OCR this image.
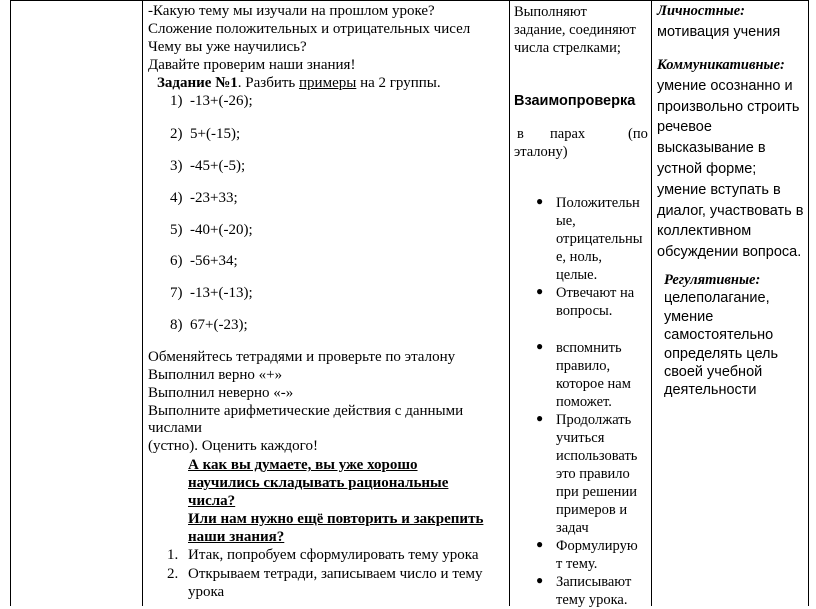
-Какую тему мы изучали на прошлом уроке?

Сложение положительных и отрицательных чисел

Чему вы уже научились?

Давайте проверим наши знания!

Задание №1. Разбить примеры на 2 группы.
1) -13+(-26);
2) 5+(-15);
3) -45+(-5);
4) -23+33;
5) -40+(-20);
6) -56+34;
7) -13+(-13);
8) 67+(-23);
Обменяйтесь тетрадями и проверьте по эталону
Выполнил верно «+»
Выполнил неверно «-»
Выполните арифметические действия с данными
числами
(устно). Оценить каждого!
А как вы думаете, вы уже хорошо
научились складывать рациональные
числа?
Или нам нужно ещё повторить и закрепить
наши знания?
1. Итак, попробуем сформулировать тему урока
2. Открываем тетради, записываем число и тему
урока
Выполняют
задание, соединяют
числа стрелками;
Взаимопроверка
в парах	(по
эталону)
● Положительн
ые,
отрицательны
е, ноль,
целые.
● Отвечают на
вопросы.
● вспомнить
правило,
которое нам
поможет.
● Продолжать
учиться
использовать
это правило
при решении
примеров и
задач
● Формулирую
т тему.
● Записывают
тему урока.
Личностные:
мотивация учения
Коммуникативные:
умение осознанно и
произвольно строить
речевое
высказывание в
устной форме;
умение вступать в
диалог, участвовать в
коллективном
обсуждении вопроса.
Регулятивные:
целеполагание,
умение
самостоятельно
определять цель
своей учебной
деятельности
